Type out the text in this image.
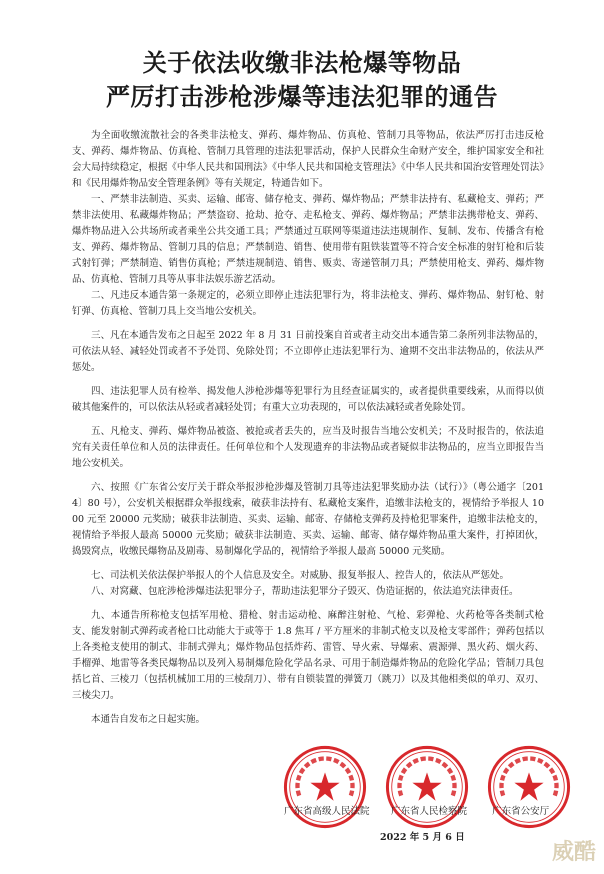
关于依法收缴非法枪爆等物品
严厉打击涉枪涉爆等违法犯罪的通告

为全面收缴流散社会的各类非法枪支、弹药、爆炸物品、仿真枪、管制刀具等物品，依法严厉打击违反枪支、弹药、爆炸物品、仿真枪、管制刀具管理的违法犯罪活动，保护人民群众生命财产安全，维护国家安全和社会大局持续稳定，根据《中华人民共和国刑法》《中华人民共和国枪支管理法》《中华人民共和国治安管理处罚法》和《民用爆炸物品安全管理条例》等有关规定，特通告如下。

一、严禁非法制造、买卖、运输、邮寄、储存枪支、弹药、爆炸物品；严禁非法持有、私藏枪支、弹药；严禁非法使用、私藏爆炸物品；严禁盗窃、抢劫、抢夺、走私枪支、弹药、爆炸物品；严禁非法携带枪支、弹药、爆炸物品进入公共场所或者乘坐公共交通工具；严禁通过互联网等渠道违法违规制作、复制、发布、传播含有枪支、弹药、爆炸物品、管制刀具的信息；严禁制造、销售、使用带有阻铁装置等不符合安全标准的射钉枪和后装式射钉弹；严禁制造、销售仿真枪；严禁违规制造、销售、贩卖、寄递管制刀具；严禁使用枪支、弹药、爆炸物品、仿真枪、管制刀具等从事非法娱乐游艺活动。

二、凡违反本通告第一条规定的，必须立即停止违法犯罪行为，将非法枪支、弹药、爆炸物品、射钉枪、射钉弹、仿真枪、管制刀具上交当地公安机关。

三、凡在本通告发布之日起至 2022 年 8 月 31 日前投案自首或者主动交出本通告第二条所列非法物品的，可依法从轻、减轻处罚或者不予处罚、免除处罚；不立即停止违法犯罪行为、逾期不交出非法物品的，依法从严惩处。

四、违法犯罪人员有检举、揭发他人涉枪涉爆等犯罪行为且经查证属实的，或者提供重要线索，从而得以侦破其他案件的，可以依法从轻或者减轻处罚；有重大立功表现的，可以依法减轻或者免除处罚。

五、凡枪支、弹药、爆炸物品被盗、被抢或者丢失的，应当及时报告当地公安机关；不及时报告的，依法追究有关责任单位和人员的法律责任。任何单位和个人发现遗弃的非法物品或者疑似非法物品的，应当立即报告当地公安机关。

六、按照《广东省公安厅关于群众举报涉枪涉爆及管制刀具等违法犯罪奖励办法（试行）》（粤公通字〔2014〕80 号），公安机关根据群众举报线索，破获非法持有、私藏枪支案件，追缴非法枪支的，视情给予举报人 1000 元至 20000 元奖励；破获非法制造、买卖、运输、邮寄、存储枪支弹药及持枪犯罪案件，追缴非法枪支的，视情给予举报人最高 50000 元奖励；破获非法制造、买卖、运输、邮寄、储存爆炸物品重大案件，打掉团伙，捣毁窝点，收缴民爆物品及剧毒、易制爆化学品的，视情给予举报人最高 50000 元奖励。

七、司法机关依法保护举报人的个人信息及安全。对威胁、报复举报人、控告人的，依法从严惩处。

八、对窝藏、包庇涉枪涉爆违法犯罪分子，帮助违法犯罪分子毁灭、伪造证据的，依法追究法律责任。

九、本通告所称枪支包括军用枪、猎枪、射击运动枪、麻醉注射枪、气枪、彩弹枪、火药枪等各类制式枪支、能发射制式弹药或者枪口比动能大于或等于 1.8 焦耳 / 平方厘米的非制式枪支以及枪支零部件；弹药包括以上各类枪支使用的制式、非制式弹丸；爆炸物品包括炸药、雷管、导火索、导爆索、震源弹、黑火药、烟火药、手榴弹、地雷等各类民爆物品以及列入易制爆危险化学品名录、可用于制造爆炸物品的危险化学品；管制刀具包括匕首、三棱刀（包括机械加工用的三棱刮刀）、带有自锁装置的弹簧刀（跳刀）以及其他相类似的单刃、双刃、三棱尖刀。

本通告自发布之日起实施。

广东省高级人民法院 广东省人民检察院	广东省公安厅
2022 年 5 月 6 日
威酷
